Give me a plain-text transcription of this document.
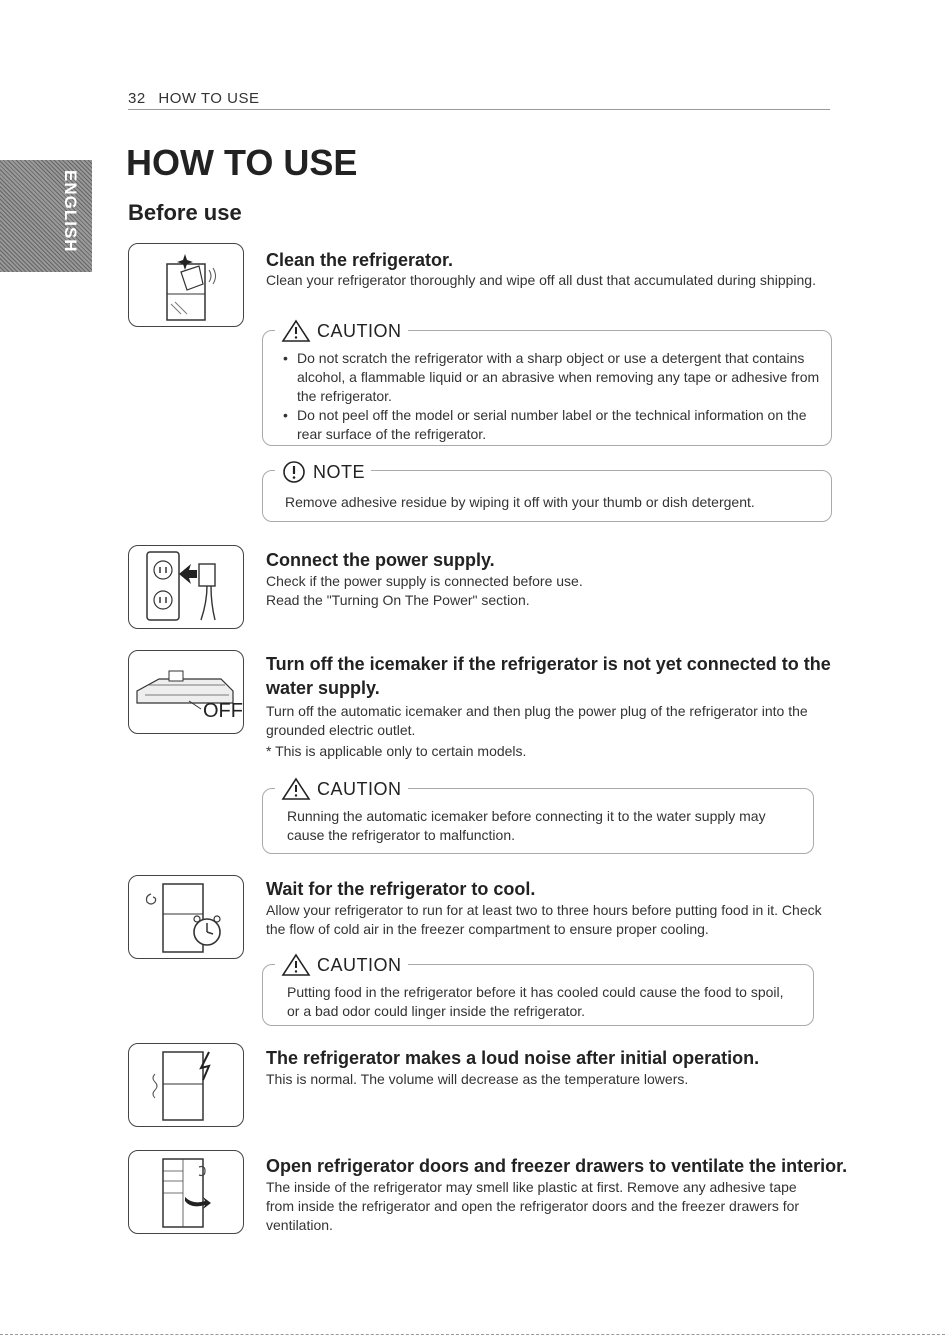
32 HOW TO USE
ENGLISH
HOW TO USE
Before use
Clean the refrigerator.

Clean your refrigerator thoroughly and wipe off all dust that accumulated during shipping.

CAUTION
• Do not scratch the refrigerator with a sharp object or use a detergent that contains alcohol, a flammable liquid or an abrasive when removing any tape or adhesive from the refrigerator.
• Do not peel off the model or serial number label or the technical information on the rear surface of the refrigerator.
NOTE

Remove adhesive residue by wiping it off with your thumb or dish detergent.

Connect the power supply.

Check if the power supply is connected before use.

Read the "Turning On The Power" section.

OFF
Turn off the icemaker if the refrigerator is not yet connected to the water supply.

Turn off the automatic icemaker and then plug the power plug of the refrigerator into the grounded electric outlet.

* This is applicable only to certain models.

CAUTION

Running the automatic icemaker before connecting it to the water supply may cause the refrigerator to malfunction.

Wait for the refrigerator to cool.

Allow your refrigerator to run for at least two to three hours before putting food in it. Check the flow of cold air in the freezer compartment to ensure proper cooling.

CAUTION

Putting food in the refrigerator before it has cooled could cause the food to spoil, or a bad odor could linger inside the refrigerator.

The refrigerator makes a loud noise after initial operation.

This is normal. The volume will decrease as the temperature lowers.

Open refrigerator doors and freezer drawers to ventilate the interior.

The inside of the refrigerator may smell like plastic at first. Remove any adhesive tape from inside the refrigerator and open the refrigerator doors and the freezer drawers for ventilation.
